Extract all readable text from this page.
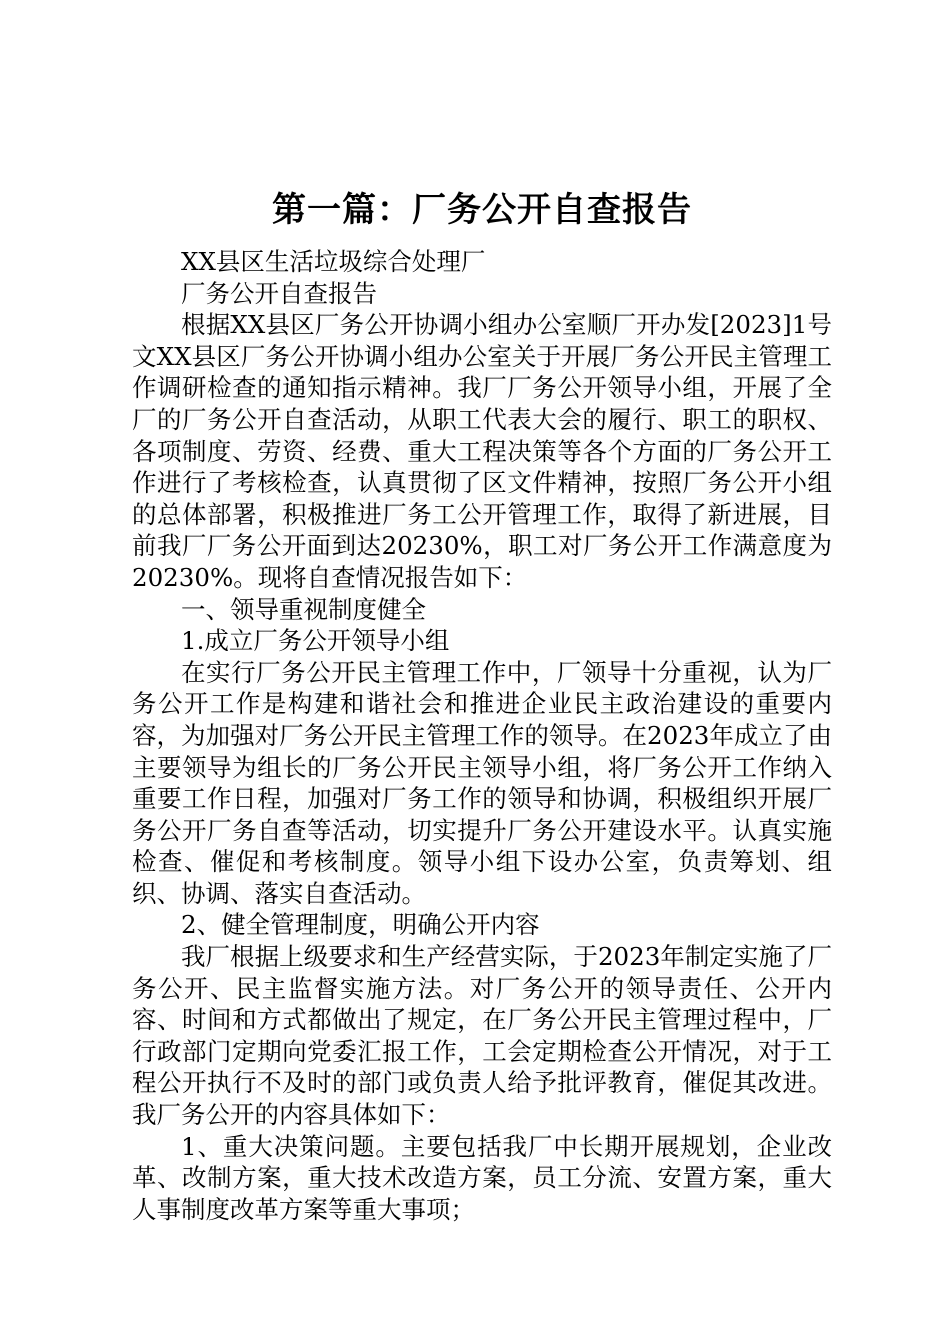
第一篇：厂务公开自查报告

XX县区生活垃圾综合处理厂

厂务公开自查报告

根据XX县区厂务公开协调小组办公室顺厂开办发[2023]1号文XX县区厂务公开协调小组办公室关于开展厂务公开民主管理工作调研检查的通知指示精神。我厂厂务公开领导小组，开展了全厂的厂务公开自查活动，从职工代表大会的履行、职工的职权、各项制度、劳资、经费、重大工程决策等各个方面的厂务公开工作进行了考核检查，认真贯彻了区文件精神，按照厂务公开小组的总体部署，积极推进厂务工公开管理工作，取得了新进展，目前我厂厂务公开面到达20230%，职工对厂务公开工作满意度为20230%。现将自查情况报告如下：

一、领导重视制度健全

1.成立厂务公开领导小组

在实行厂务公开民主管理工作中，厂领导十分重视，认为厂务公开工作是构建和谐社会和推进企业民主政治建设的重要内容，为加强对厂务公开民主管理工作的领导。在2023年成立了由主要领导为组长的厂务公开民主领导小组，将厂务公开工作纳入重要工作日程，加强对厂务工作的领导和协调，积极组织开展厂务公开厂务自查等活动，切实提升厂务公开建设水平。认真实施检查、催促和考核制度。领导小组下设办公室，负责筹划、组织、协调、落实自查活动。

2、健全管理制度，明确公开内容

我厂根据上级要求和生产经营实际，于2023年制定实施了厂务公开、民主监督实施方法。对厂务公开的领导责任、公开内容、时间和方式都做出了规定，在厂务公开民主管理过程中，厂行政部门定期向党委汇报工作，工会定期检查公开情况，对于工程公开执行不及时的部门或负责人给予批评教育，催促其改进。我厂务公开的内容具体如下：

1、重大决策问题。主要包括我厂中长期开展规划，企业改革、改制方案，重大技术改造方案，员工分流、安置方案，重大人事制度改革方案等重大事项；
